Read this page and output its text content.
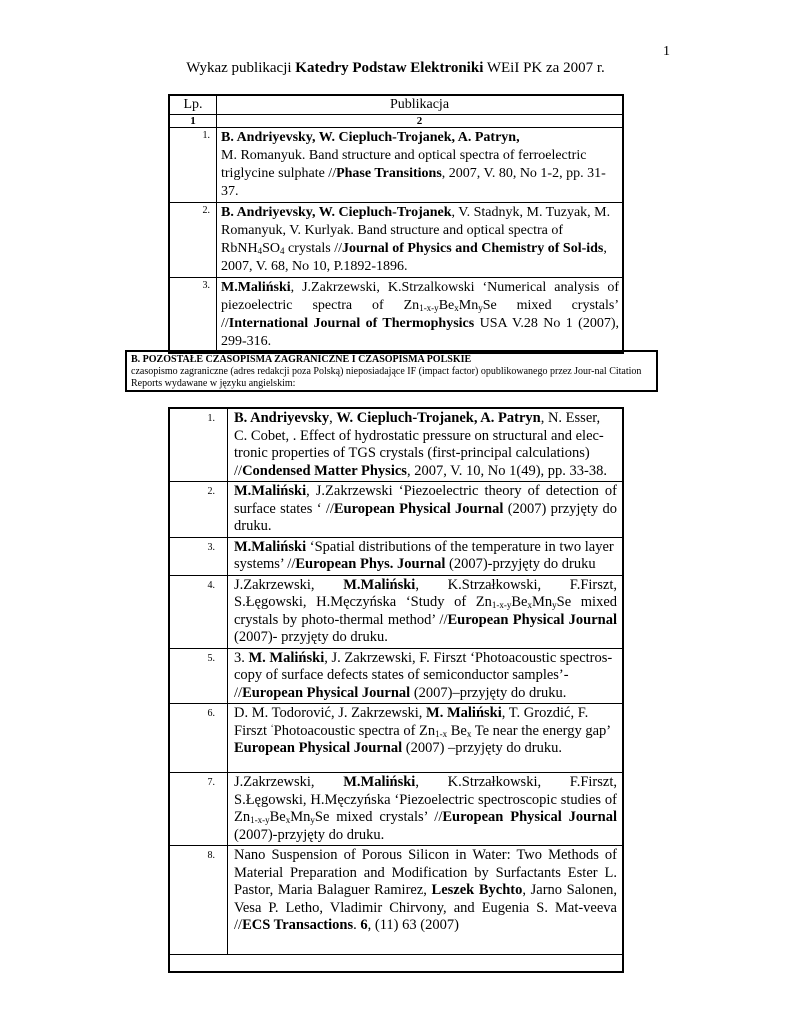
1
Wykaz publikacji Katedry Podstaw Elektroniki WEiI PK za 2007 r.
Lp.	Publikacja
1	2
1.	B. Andriyevsky, W. Ciepluch-Trojanek, A. Patryn,
M. Romanyuk. Band structure and optical spectra of ferroelectric triglycine sulphate //Phase Transitions, 2007, V. 80, No 1-2, pp. 31-37.
2.	B. Andriyevsky, W. Ciepluch-Trojanek, V. Stadnyk, M. Tuzyak, M. Romanyuk, V. Kurlyak. Band structure and optical spectra of $RbNH_4SO_4$ crystals //Journal of Physics and Chemistry of Sol-ids, 2007, V. 68, No 10, P.1892-1896.
3.	M.Maliński, J.Zakrzewski, K.Strzalkowski ‘Numerical analysis of piezoelectric spectra of $Zn_{1-x-y}Be_xMn_ySe$ mixed crystals’ //International Journal of Thermophysics USA V.28 No 1 (2007), 299-316.
B. POZOSTAŁE CZASOPISMA ZAGRANICZNE I CZASOPISMA POLSKIE
czasopismo zagraniczne (adres redakcji poza Polską) nieposiadające IF (impact factor) opublikowanego przez Jour-nal Citation Reports wydawane w języku angielskim:
1.	B. Andriyevsky, W. Ciepluch-Trojanek, A. Patryn, N. Esser, C. Cobet, . Effect of hydrostatic pressure on structural and elec-tronic properties of TGS crystals (first-principal calculations) //Condensed Matter Physics, 2007, V. 10, No 1(49), pp. 33-38.
2.	M.Maliński, J.Zakrzewski ‘Piezoelectric theory of detection of surface states ‘ //European Physical Journal (2007) przyjęty do druku.
3.	M.Maliński ‘Spatial distributions of the temperature in two layer systems’ //European Phys. Journal (2007)-przyjęty do druku
4.	J.Zakrzewski, M.Maliński, K.Strzałkowski, F.Firszt, S.Łęgowski, H.Męczyńska ‘Study of $Zn_{1-x-y}Be_xMn_ySe$ mixed crystals by photo-thermal method’ //European Physical Journal (2007)- przyjęty do druku.
5.	3. M. Maliński, J. Zakrzewski, F. Firszt ‘Photoacoustic spectros-copy of surface defects states of semiconductor samples’- //European Physical Journal (2007)–przyjęty do druku.
6.	D. M. Todorović, J. Zakrzewski, M. Maliński, T. Grozdić, F. Firszt ‘Photoacoustic spectra of $Zn_{1-x}$ $Be_x$ Te near the energy gap’ European Physical Journal (2007) –przyjęty do druku.
7.	J.Zakrzewski, M.Maliński, K.Strzałkowski, F.Firszt, S.Łęgowski, H.Męczyńska ‘Piezoelectric spectroscopic studies of $Zn_{1-x-y}Be_xMn_ySe$ mixed crystals’ //European Physical Journal (2007)-przyjęty do druku.
8.	Nano Suspension of Porous Silicon in Water: Two Methods of Material Preparation and Modification by Surfactants Ester L. Pastor, Maria Balaguer Ramirez, Leszek Bychto, Jarno Salonen, Vesa P. Letho, Vladimir Chirvony, and Eugenia S. Mat-veeva //ECS Transactions. 6, (11) 63 (2007)
